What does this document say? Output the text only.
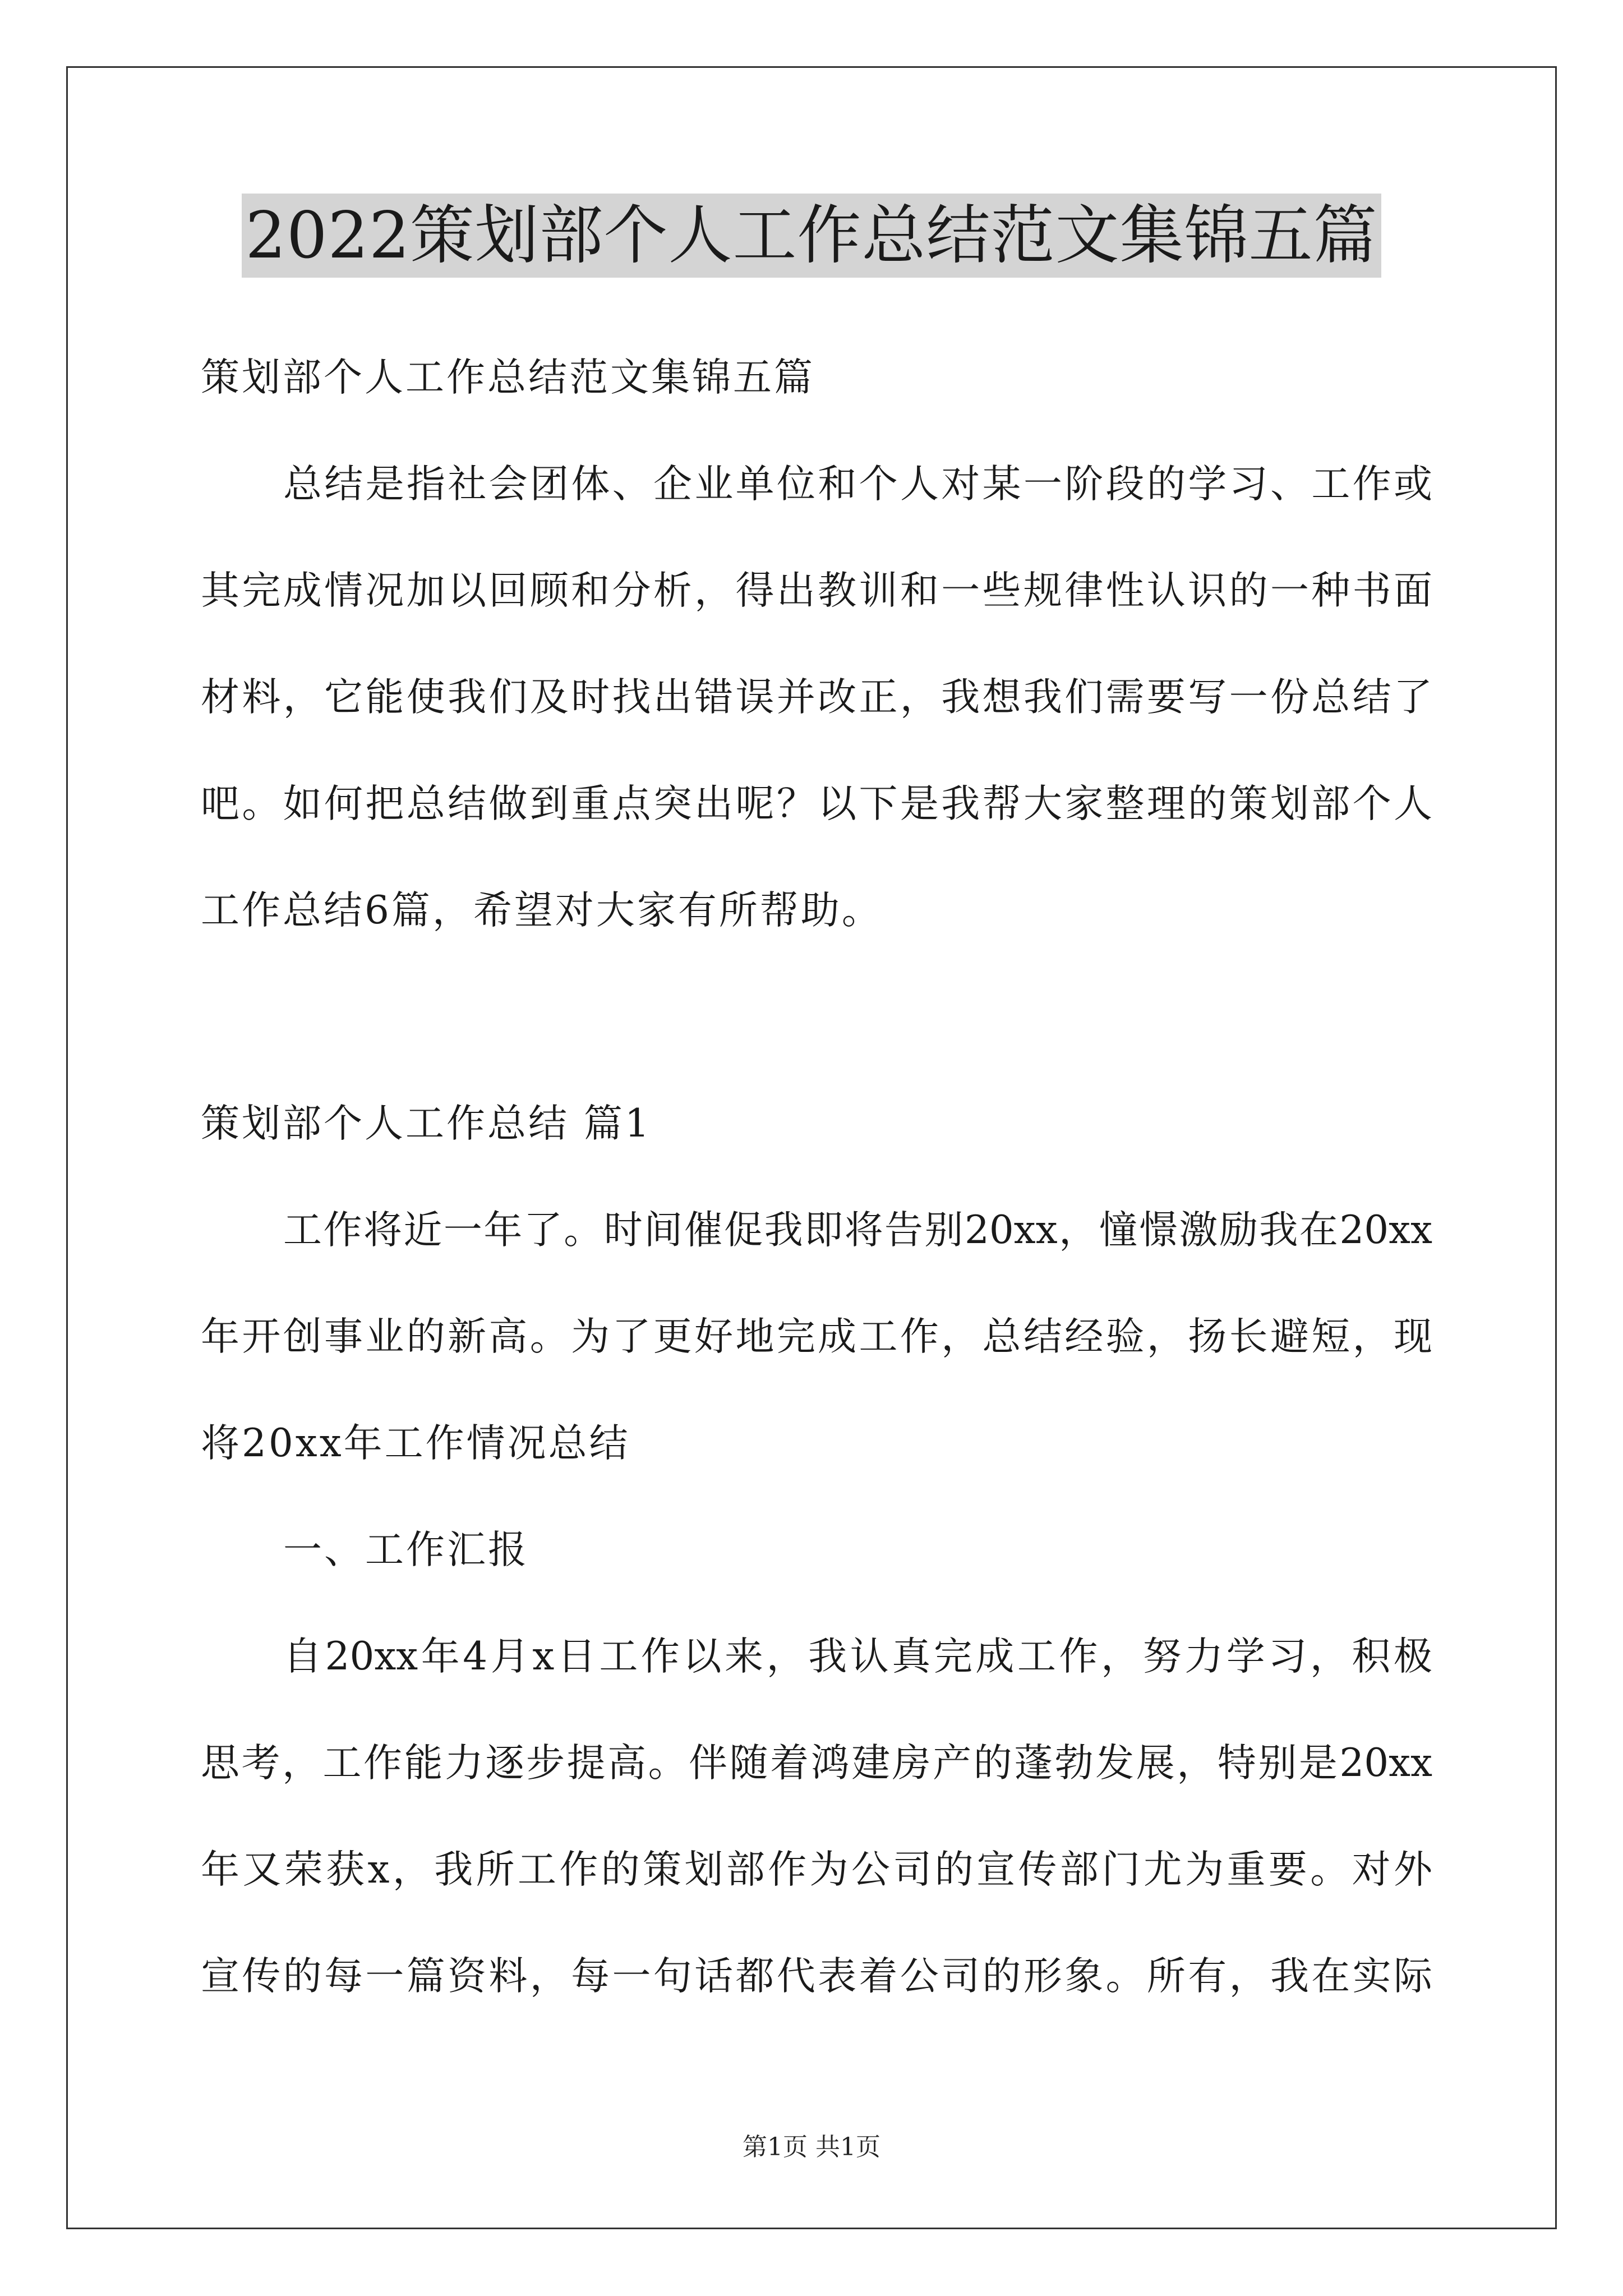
2022策划部个人工作总结范文集锦五篇
策划部个人工作总结范文集锦五篇
总结是指社会团体、企业单位和个人对某一阶段的学习、工作或
其完成情况加以回顾和分析，得出教训和一些规律性认识的一种书面
材料，它能使我们及时找出错误并改正，我想我们需要写一份总结了
吧。如何把总结做到重点突出呢？以下是我帮大家整理的策划部个人
工作总结6篇，希望对大家有所帮助。
策划部个人工作总结 篇1
工作将近一年了。时间催促我即将告别20xx，憧憬激励我在20xx
年开创事业的新高。为了更好地完成工作，总结经验，扬长避短，现
将20xx年工作情况总结
一、工作汇报
自20xx年4月x日工作以来，我认真完成工作，努力学习，积极
思考，工作能力逐步提高。伴随着鸿建房产的蓬勃发展，特别是20xx
年又荣获x，我所工作的策划部作为公司的宣传部门尤为重要。对外
宣传的每一篇资料，每一句话都代表着公司的形象。所有，我在实际
第1页 共1页
